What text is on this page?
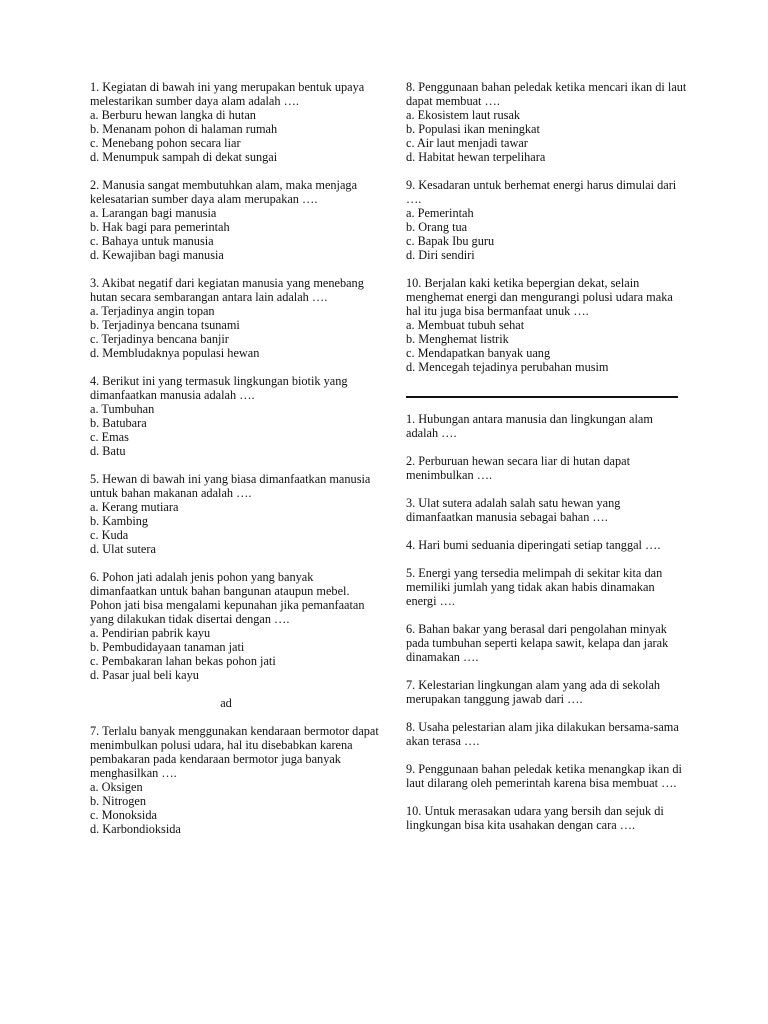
1. Kegiatan di bawah ini yang merupakan bentuk upaya melestarikan sumber daya alam adalah ….

a. Berburu hewan langka di hutan
b. Menanam pohon di halaman rumah
c. Menebang pohon secara liar
d. Menumpuk sampah di dekat sungai

2. Manusia sangat membutuhkan alam, maka menjaga kelesatarian sumber daya alam merupakan ….

a. Larangan bagi manusia
b. Hak bagi para pemerintah
c. Bahaya untuk manusia
d. Kewajiban bagi manusia

3. Akibat negatif dari kegiatan manusia yang menebang hutan secara sembarangan antara lain adalah ….

a. Terjadinya angin topan
b. Terjadinya bencana tsunami
c. Terjadinya bencana banjir
d. Membludaknya populasi hewan

4. Berikut ini yang termasuk lingkungan biotik yang dimanfaatkan manusia adalah ….

a. Tumbuhan
b. Batubara
c. Emas
d. Batu

5. Hewan di bawah ini yang biasa dimanfaatkan manusia untuk bahan makanan adalah ….

a. Kerang mutiara
b. Kambing
c. Kuda
d. Ulat sutera

6. Pohon jati adalah jenis pohon yang banyak dimanfaatkan untuk bahan bangunan ataupun mebel. Pohon jati bisa mengalami kepunahan jika pemanfaatan yang dilakukan tidak disertai dengan ….

a. Pendirian pabrik kayu
b. Pembudidayaan tanaman jati
c. Pembakaran lahan bekas pohon jati
d. Pasar jual beli kayu
ad

7. Terlalu banyak menggunakan kendaraan bermotor dapat menimbulkan polusi udara, hal itu disebabkan karena pembakaran pada kendaraan bermotor juga banyak menghasilkan ….

a. Oksigen
b. Nitrogen
c. Monoksida
d. Karbondioksida

8. Penggunaan bahan peledak ketika mencari ikan di laut dapat membuat ….

a. Ekosistem laut rusak
b. Populasi ikan meningkat
c. Air laut menjadi tawar
d. Habitat hewan terpelihara

9. Kesadaran untuk berhemat energi harus dimulai dari ….

a. Pemerintah
b. Orang tua
c. Bapak Ibu guru
d. Diri sendiri

10. Berjalan kaki ketika bepergian dekat, selain menghemat energi dan mengurangi polusi udara maka hal itu juga bisa bermanfaat unuk ….

a. Membuat tubuh sehat
b. Menghemat listrik
c. Mendapatkan banyak uang
d. Mencegah tejadinya perubahan musim

1. Hubungan antara manusia dan lingkungan alam adalah ….

2. Perburuan hewan secara liar di hutan dapat menimbulkan ….

3. Ulat sutera adalah salah satu hewan yang dimanfaatkan manusia sebagai bahan ….

4. Hari bumi seduania diperingati setiap tanggal ….

5. Energi yang tersedia melimpah di sekitar kita dan memiliki jumlah yang tidak akan habis dinamakan energi ….

6. Bahan bakar yang berasal dari pengolahan minyak pada tumbuhan seperti kelapa sawit, kelapa dan jarak dinamakan ….

7. Kelestarian lingkungan alam yang ada di sekolah merupakan tanggung jawab dari ….

8. Usaha pelestarian alam jika dilakukan bersama-sama akan terasa ….

9. Penggunaan bahan peledak ketika menangkap ikan di laut dilarang oleh pemerintah karena bisa membuat ….

10. Untuk merasakan udara yang bersih dan sejuk di lingkungan bisa kita usahakan dengan cara ….
